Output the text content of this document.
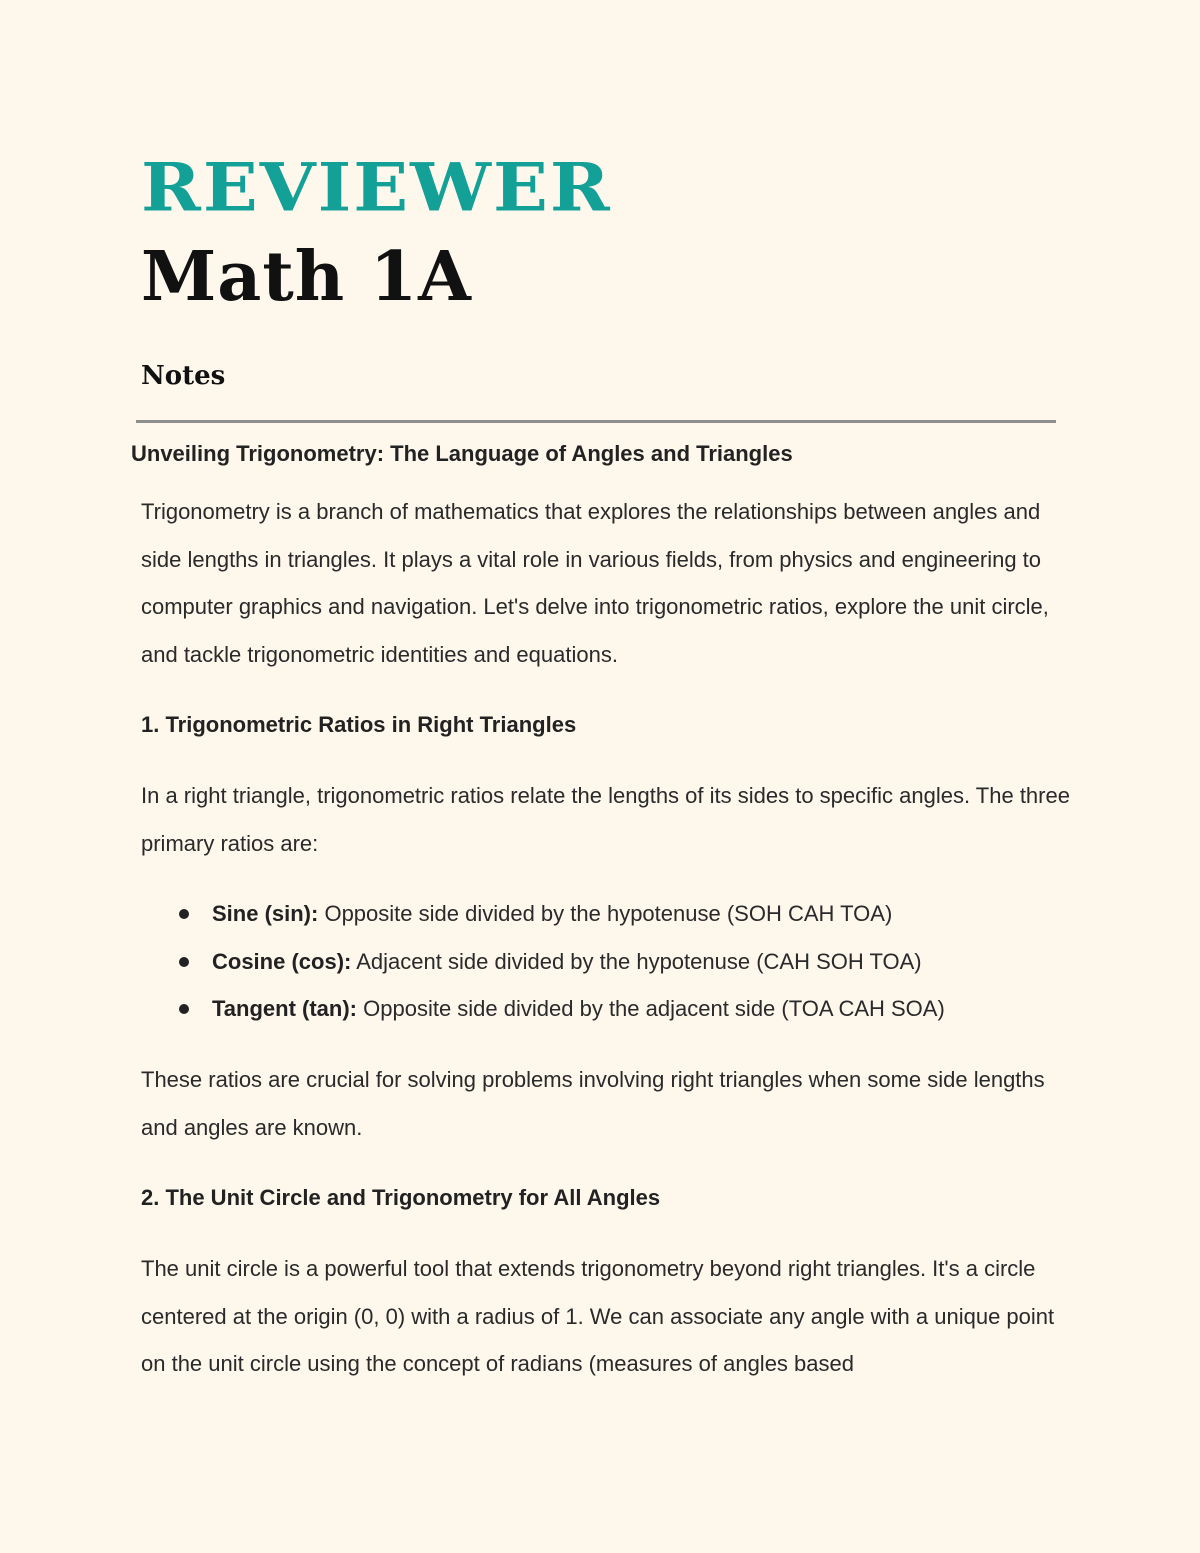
REVIEWER
Math 1A
Notes
Unveiling Trigonometry: The Language of Angles and Triangles

Trigonometry is a branch of mathematics that explores the relationships between angles and side lengths in triangles. It plays a vital role in various fields, from physics and engineering to computer graphics and navigation. Let's delve into trigonometric ratios, explore the unit circle, and tackle trigonometric identities and equations.

1. Trigonometric Ratios in Right Triangles

In a right triangle, trigonometric ratios relate the lengths of its sides to specific angles. The three primary ratios are:

Sine (sin): Opposite side divided by the hypotenuse (SOH CAH TOA)
Cosine (cos): Adjacent side divided by the hypotenuse (CAH SOH TOA)
Tangent (tan): Opposite side divided by the adjacent side (TOA CAH SOA)

These ratios are crucial for solving problems involving right triangles when some side lengths and angles are known.

2. The Unit Circle and Trigonometry for All Angles

The unit circle is a powerful tool that extends trigonometry beyond right triangles. It's a circle centered at the origin (0, 0) with a radius of 1. We can associate any angle with a unique point on the unit circle using the concept of radians (measures of angles based
